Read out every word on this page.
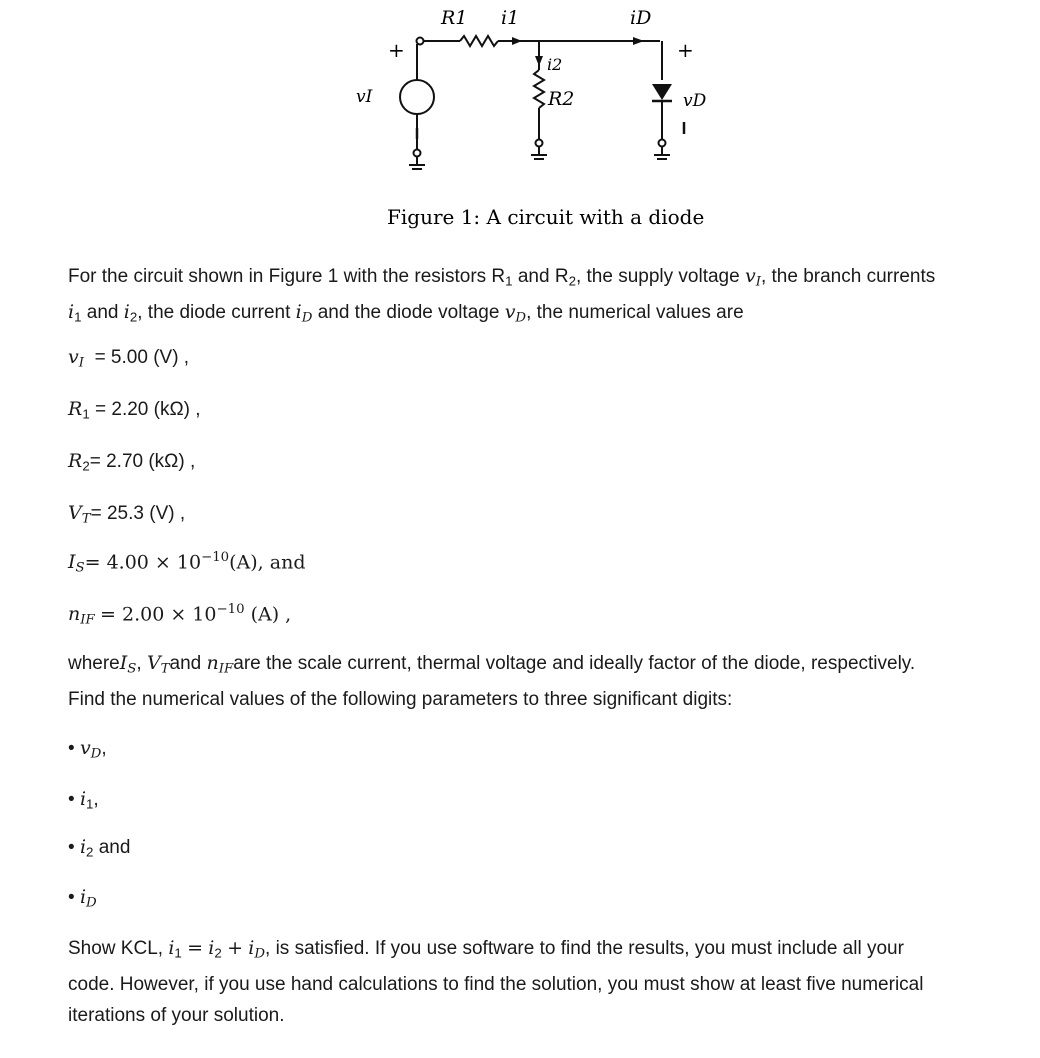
R1 i1	iD
+	+
i2
R2
vI	vD
Figure 1: A circuit with a diode
For the circuit shown in Figure 1 with the resistors $R_1$ and $R_2$, the supply voltage $v_I$, the branch currents
$i_1$ and $i_2$, the diode current $i_D$ and the diode voltage $v_D$, the numerical values are
$v_I = 5.00$ (V) ,
$R_1 = 2.20$ (kΩ) ,
$R_2= 2.70$ (kΩ) ,
$V_T= 25.3$ (V) ,
$I_S= 4.00 \times 10^{-10}(A)$, and
$n_{IF} = 2.00 \times 10^{-10}$ (A) ,
whereI$_S$, $V_Tand$ $n_{IF}are$ the scale current, thermal voltage and ideally factor of the diode, respectively.
Find the numerical values of the following parameters to three significant digits:
• $v_D$,
• $i_1$,
• $i_2$ and
• $i_D$
Show KCL, $i_1 = i_2 + i_D$, is satisfied. If you use software to find the results, you must include all your
code. However, if you use hand calculations to find the solution, you must show at least five numerical
iterations of your solution.
